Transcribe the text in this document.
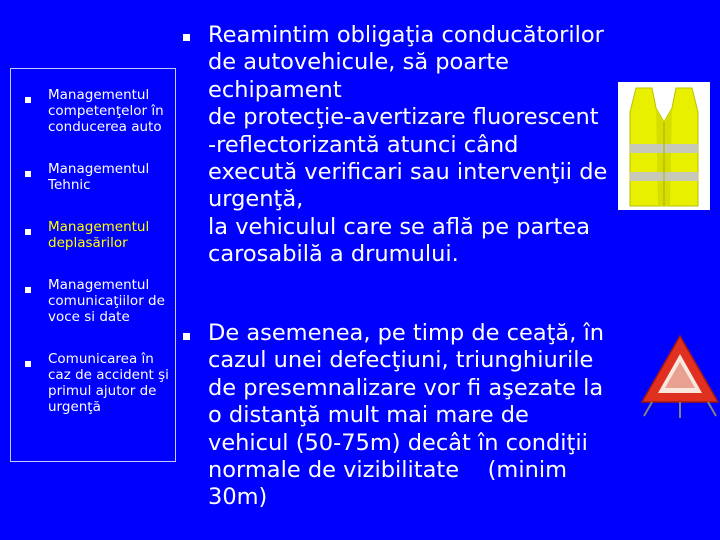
Managementul competenţelor în conducerea auto
Managementul Tehnic
Managementul deplasărilor
Managementul comunicaţiilor de voce si date
Comunicarea în caz de accident şi primul ajutor de urgenţă
Reamintim obligaţia conducătorilor
de autovehicule, să poarte
echipament
de protecţie-avertizare fluorescent
-reflectorizantă atunci când
execută verificari sau intervenţii de
urgenţă,
la vehiculul care se află pe partea
carosabilă a drumului.
De asemenea, pe timp de ceaţă, în
cazul unei defecţiuni, triunghiurile
de presemnalizare vor fi aşezate la
o distanţă mult mai mare de
vehicul (50-75m) decât în condiţii
normale de vizibilitate    (minim
30m)
